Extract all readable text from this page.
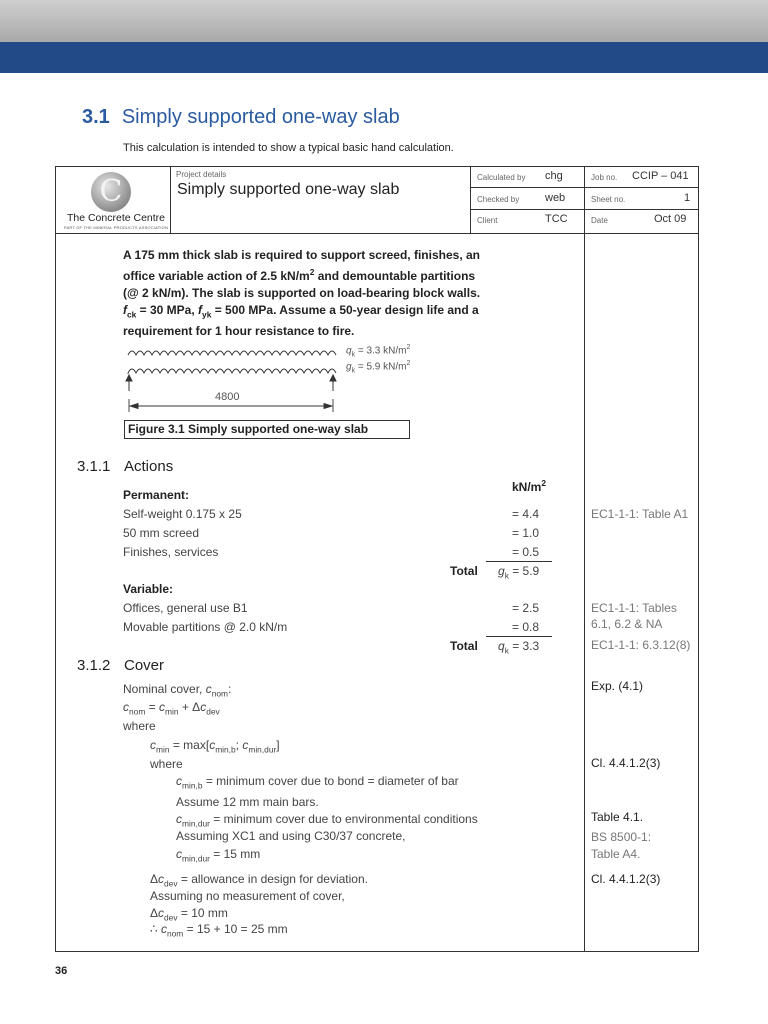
3.1 Simply supported one-way slab
This calculation is intended to show a typical basic hand calculation.
C
The Concrete Centre
PART OF THE MINERAL PRODUCTS ASSOCIATION
Project details
Simply supported one-way slab
Calculated by chg
Checked by web
Client	TCC
Job no. CCIP – 041
Sheet no.	1
Date	Oct 09
A 175 mm thick slab is required to support screed, finishes, an
office variable action of 2.5 $kN/m^2$ and demountable partitions
(@ 2 kN/m). The slab is supported on load-bearing block walls.
$f_{ck} = 30$ MPa, $f_{yk} = 500$ MPa. Assume a 50-year design life and a
requirement for 1 hour resistance to fire.
4800
$q_k = 3.3$ $kN/m^2$
$g_k = 5.9$ $kN/m^2$
Figure 3.1 Simply supported one-way slab
3.1.1 Actions
$kN/m^2$
Permanent:
Self-weight 0.175 x 25	= 4.4	EC1-1-1: Table A1
50 mm screed	= 1.0
Finishes, services	= 0.5
Total $g_k = 5.9$
Variable:
Offices, general use B1	= 2.5	EC1-1-1: Tables
Movable partitions @ 2.0 kN/m	= 0.8	6.1, 6.2 & NA
Total $q_k = 3.3$	EC1-1-1: 6.3.12(8)
3.1.2 Cover
Nominal cover, $c_{nom}$:	Exp. (4.1)
$c_{nom} = c_{min} + \Delta c_{dev}$
where
$c_{min} = \max[c_{min,b}$; $c_{min,dur}$]
where	Cl. 4.4.1.2(3)
$c_{min,b}$ = minimum cover due to bond = diameter of bar
Assume 12 mm main bars.
$c_{min,dur}$ = minimum cover due to environmental conditions	Table 4.1.
Assuming XC1 and using C30/37 concrete,	BS 8500-1:
$c_{min,dur} = 15$ mm	Table A4.
$\Delta c_{dev}$ = allowance in design for deviation.	Cl. 4.4.1.2(3)
Assuming no measurement of cover,
$\Delta c_{dev} = 10$ mm
∴ $c_{nom} = 15 + 10 = 25$ mm
36
